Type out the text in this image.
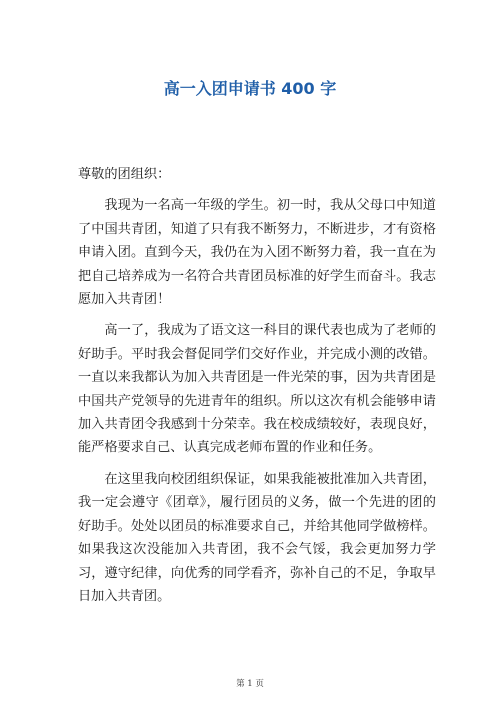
高一入团申请书 400 字

尊敬的团组织：

我现为一名高一年级的学生。初一时，我从父母口中知道了中国共青团，知道了只有我不断努力，不断进步，才有资格申请入团。直到今天，我仍在为入团不断努力着，我一直在为把自己培养成为一名符合共青团员标准的好学生而奋斗。我志愿加入共青团！

高一了，我成为了语文这一科目的课代表也成为了老师的好助手。平时我会督促同学们交好作业，并完成小测的改错。一直以来我都认为加入共青团是一件光荣的事，因为共青团是中国共产党领导的先进青年的组织。所以这次有机会能够申请加入共青团令我感到十分荣幸。我在校成绩较好，表现良好，能严格要求自己、认真完成老师布置的作业和任务。

在这里我向校团组织保证，如果我能被批准加入共青团，我一定会遵守《团章》，履行团员的义务，做一个先进的团的好助手。处处以团员的标准要求自己，并给其他同学做榜样。如果我这次没能加入共青团，我不会气馁，我会更加努力学习，遵守纪律，向优秀的同学看齐，弥补自己的不足，争取早日加入共青团。

第 1 页
